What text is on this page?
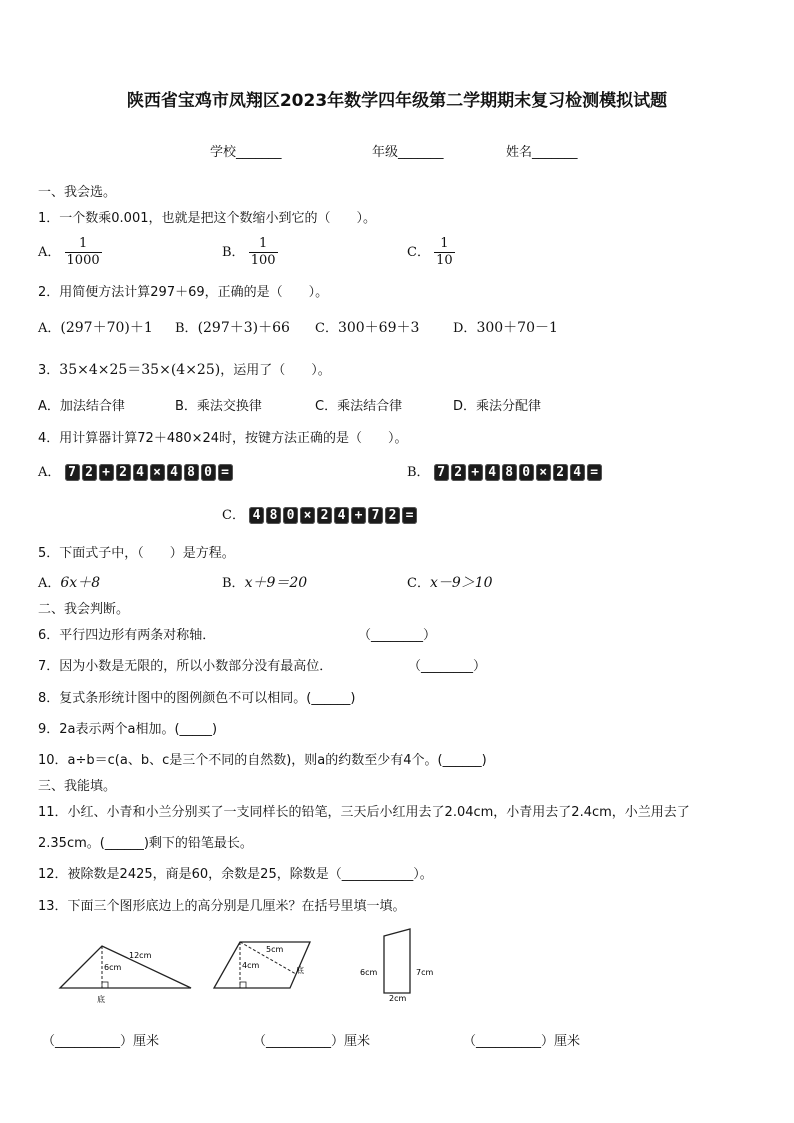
陕西省宝鸡市凤翔区2023年数学四年级第二学期期末复习检测模拟试题
学校_______	年级_______	姓名_______
一、我会选。
1．一个数乘0.001，也就是把这个数缩小到它的（　　）。
A． $\frac{1}{1000}$	B． $\frac{1}{100}$	C． $\frac{1}{10}$
2．用简便方法计算297＋69，正确的是（　　）。
A．(297＋70)＋1 B．(297＋3)＋66 C．300＋69＋3	D．300＋70－1
3．35×4×25＝35×(4×25)，运用了（　　）。
A．加法结合律	B．乘法交换律	C．乘法结合律	D．乘法分配律
4．用计算器计算72＋480×24时，按键方法正确的是（　　）。
A． 7 2 + 2 4 × 4 8 0 =	B． 7 2 + 4 8 0 × 2 4 =
C． 4 8 0 × 2 4 + 7 2 =
5．下面式子中，（　　）是方程。
A．6x＋8	B．x＋9＝20	C．x－9＞10
二、我会判断。
6．平行四边形有两条对称轴．	（________）
7．因为小数是无限的，所以小数部分没有最高位．	（________）
8．复式条形统计图中的图例颜色不可以相同。(______)
9．2a表示两个a相加。(_____)
10．a÷b＝c(a、b、c是三个不同的自然数)，则a的约数至少有4个。(______)
三、我能填。
11．小红、小青和小兰分别买了一支同样长的铅笔，三天后小红用去了2.04cm，小青用去了2.4cm，小兰用去了
2.35cm。(______)剩下的铅笔最长。
12．被除数是2425，商是60，余数是25，除数是（___________）。
13．下面三个图形底边上的高分别是几厘米？在括号里填一填。
12cm
6cm
底
5cm
4cm
底	6cm	7cm
2cm
（__________）厘米	（__________）厘米	（__________）厘米
